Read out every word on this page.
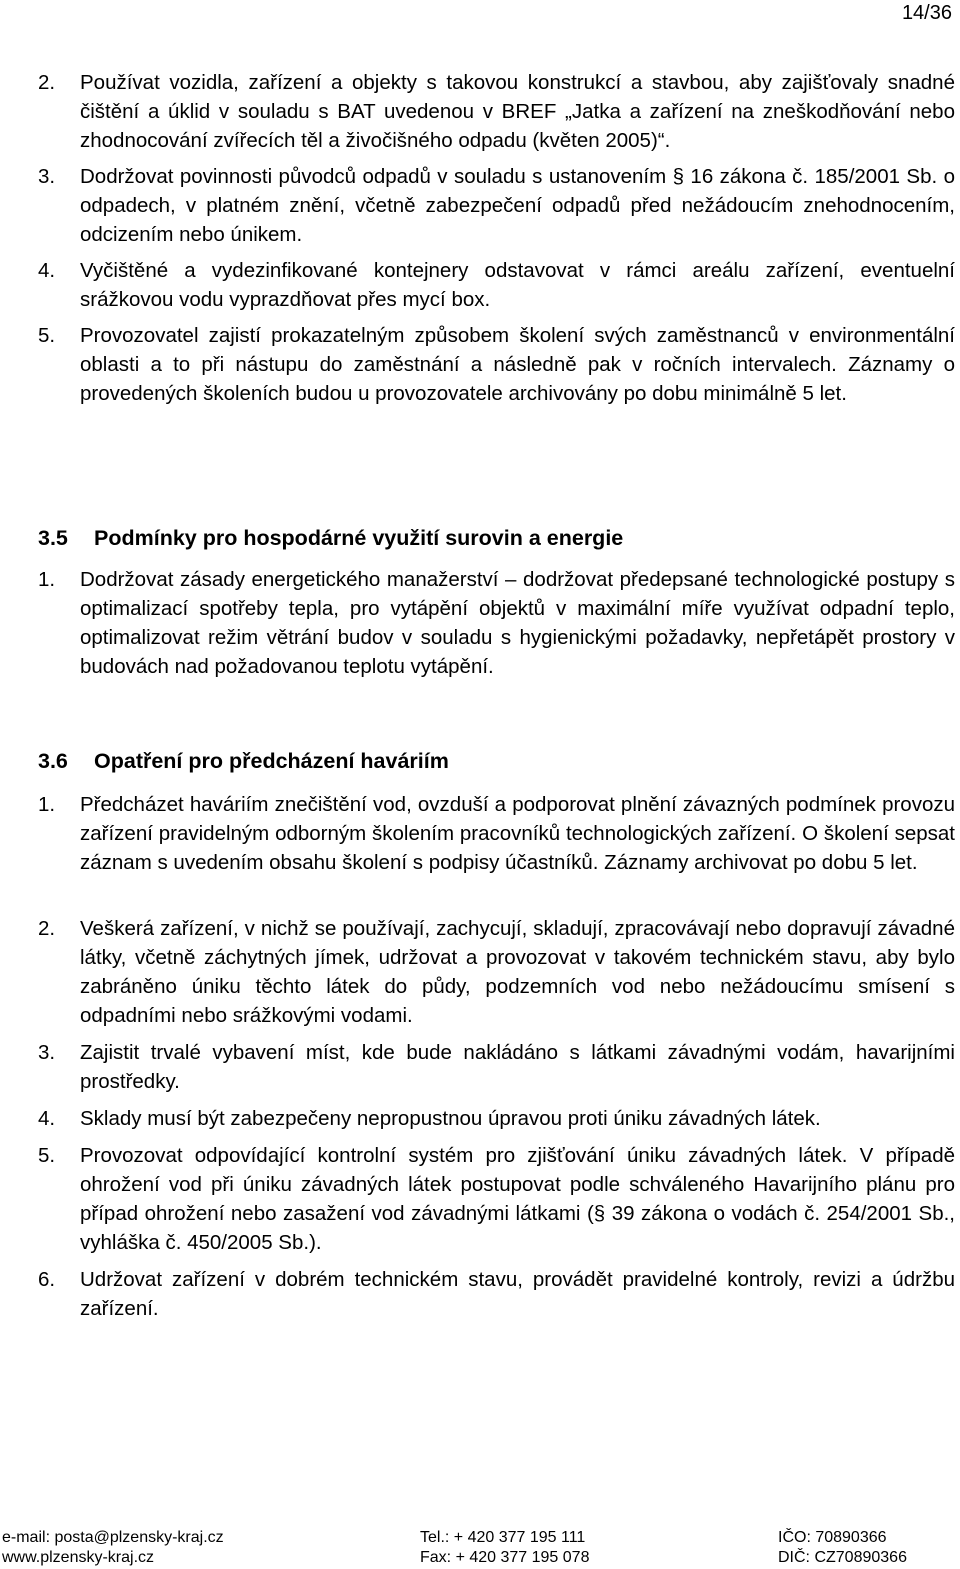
14/36
2.	Používat vozidla, zařízení a objekty s takovou konstrukcí a stavbou, aby zajišťovaly snadné čištění a úklid v souladu s BAT uvedenou v BREF „Jatka a zařízení na zneškodňování nebo zhodnocování zvířecích těl a živočišného odpadu (květen 2005)“.
3.	Dodržovat povinnosti původců odpadů v souladu s ustanovením § 16 zákona č. 185/2001 Sb. o odpadech, v platném znění, včetně zabezpečení odpadů před nežádoucím znehodnocením, odcizením nebo únikem.
4.	Vyčištěné a vydezinfikované kontejnery odstavovat v rámci areálu zařízení, eventuelní srážkovou vodu vyprazdňovat přes mycí box.
5.	Provozovatel zajistí prokazatelným způsobem školení svých zaměstnanců v environmentální oblasti a to při nástupu do zaměstnání a následně pak v ročních intervalech. Záznamy o provedených školeních budou u provozovatele archivovány po dobu minimálně 5 let.
3.5	Podmínky pro hospodárné využití surovin a energie
1.	Dodržovat zásady energetického manažerství – dodržovat předepsané technologické postupy s optimalizací spotřeby tepla, pro vytápění objektů v maximální míře využívat odpadní teplo, optimalizovat režim větrání budov v souladu s hygienickými požadavky, nepřetápět prostory v budovách nad požadovanou teplotu vytápění.
3.6	Opatření pro předcházení haváriím
1.	Předcházet haváriím znečištění vod, ovzduší a podporovat plnění závazných podmínek provozu zařízení pravidelným odborným školením pracovníků technologických zařízení. O školení sepsat záznam s uvedením obsahu školení s podpisy účastníků. Záznamy archivovat po dobu 5 let.
2.	Veškerá zařízení, v nichž se používají, zachycují, skladují, zpracovávají nebo dopravují závadné látky, včetně záchytných jímek, udržovat a provozovat v takovém technickém stavu, aby bylo zabráněno úniku těchto látek do půdy, podzemních vod nebo nežádoucímu smísení s odpadními nebo srážkovými vodami.
3.	Zajistit trvalé vybavení míst, kde bude nakládáno s látkami závadnými vodám, havarijními prostředky.
4.	Sklady musí být zabezpečeny nepropustnou úpravou proti úniku závadných látek.
5.	Provozovat odpovídající kontrolní systém pro zjišťování úniku závadných látek. V případě ohrožení vod při úniku závadných látek postupovat podle schváleného Havarijního plánu pro případ ohrožení nebo zasažení vod závadnými látkami (§ 39 zákona o vodách č. 254/2001 Sb., vyhláška č. 450/2005 Sb.).
6.	Udržovat zařízení v dobrém technickém stavu, provádět pravidelné kontroly, revizi a údržbu zařízení.
e-mail: posta@plzensky-kraj.cz
www.plzensky-kraj.cz
Tel.: + 420 377 195 111
Fax: + 420 377 195 078
IČO: 70890366
DIČ: CZ70890366
